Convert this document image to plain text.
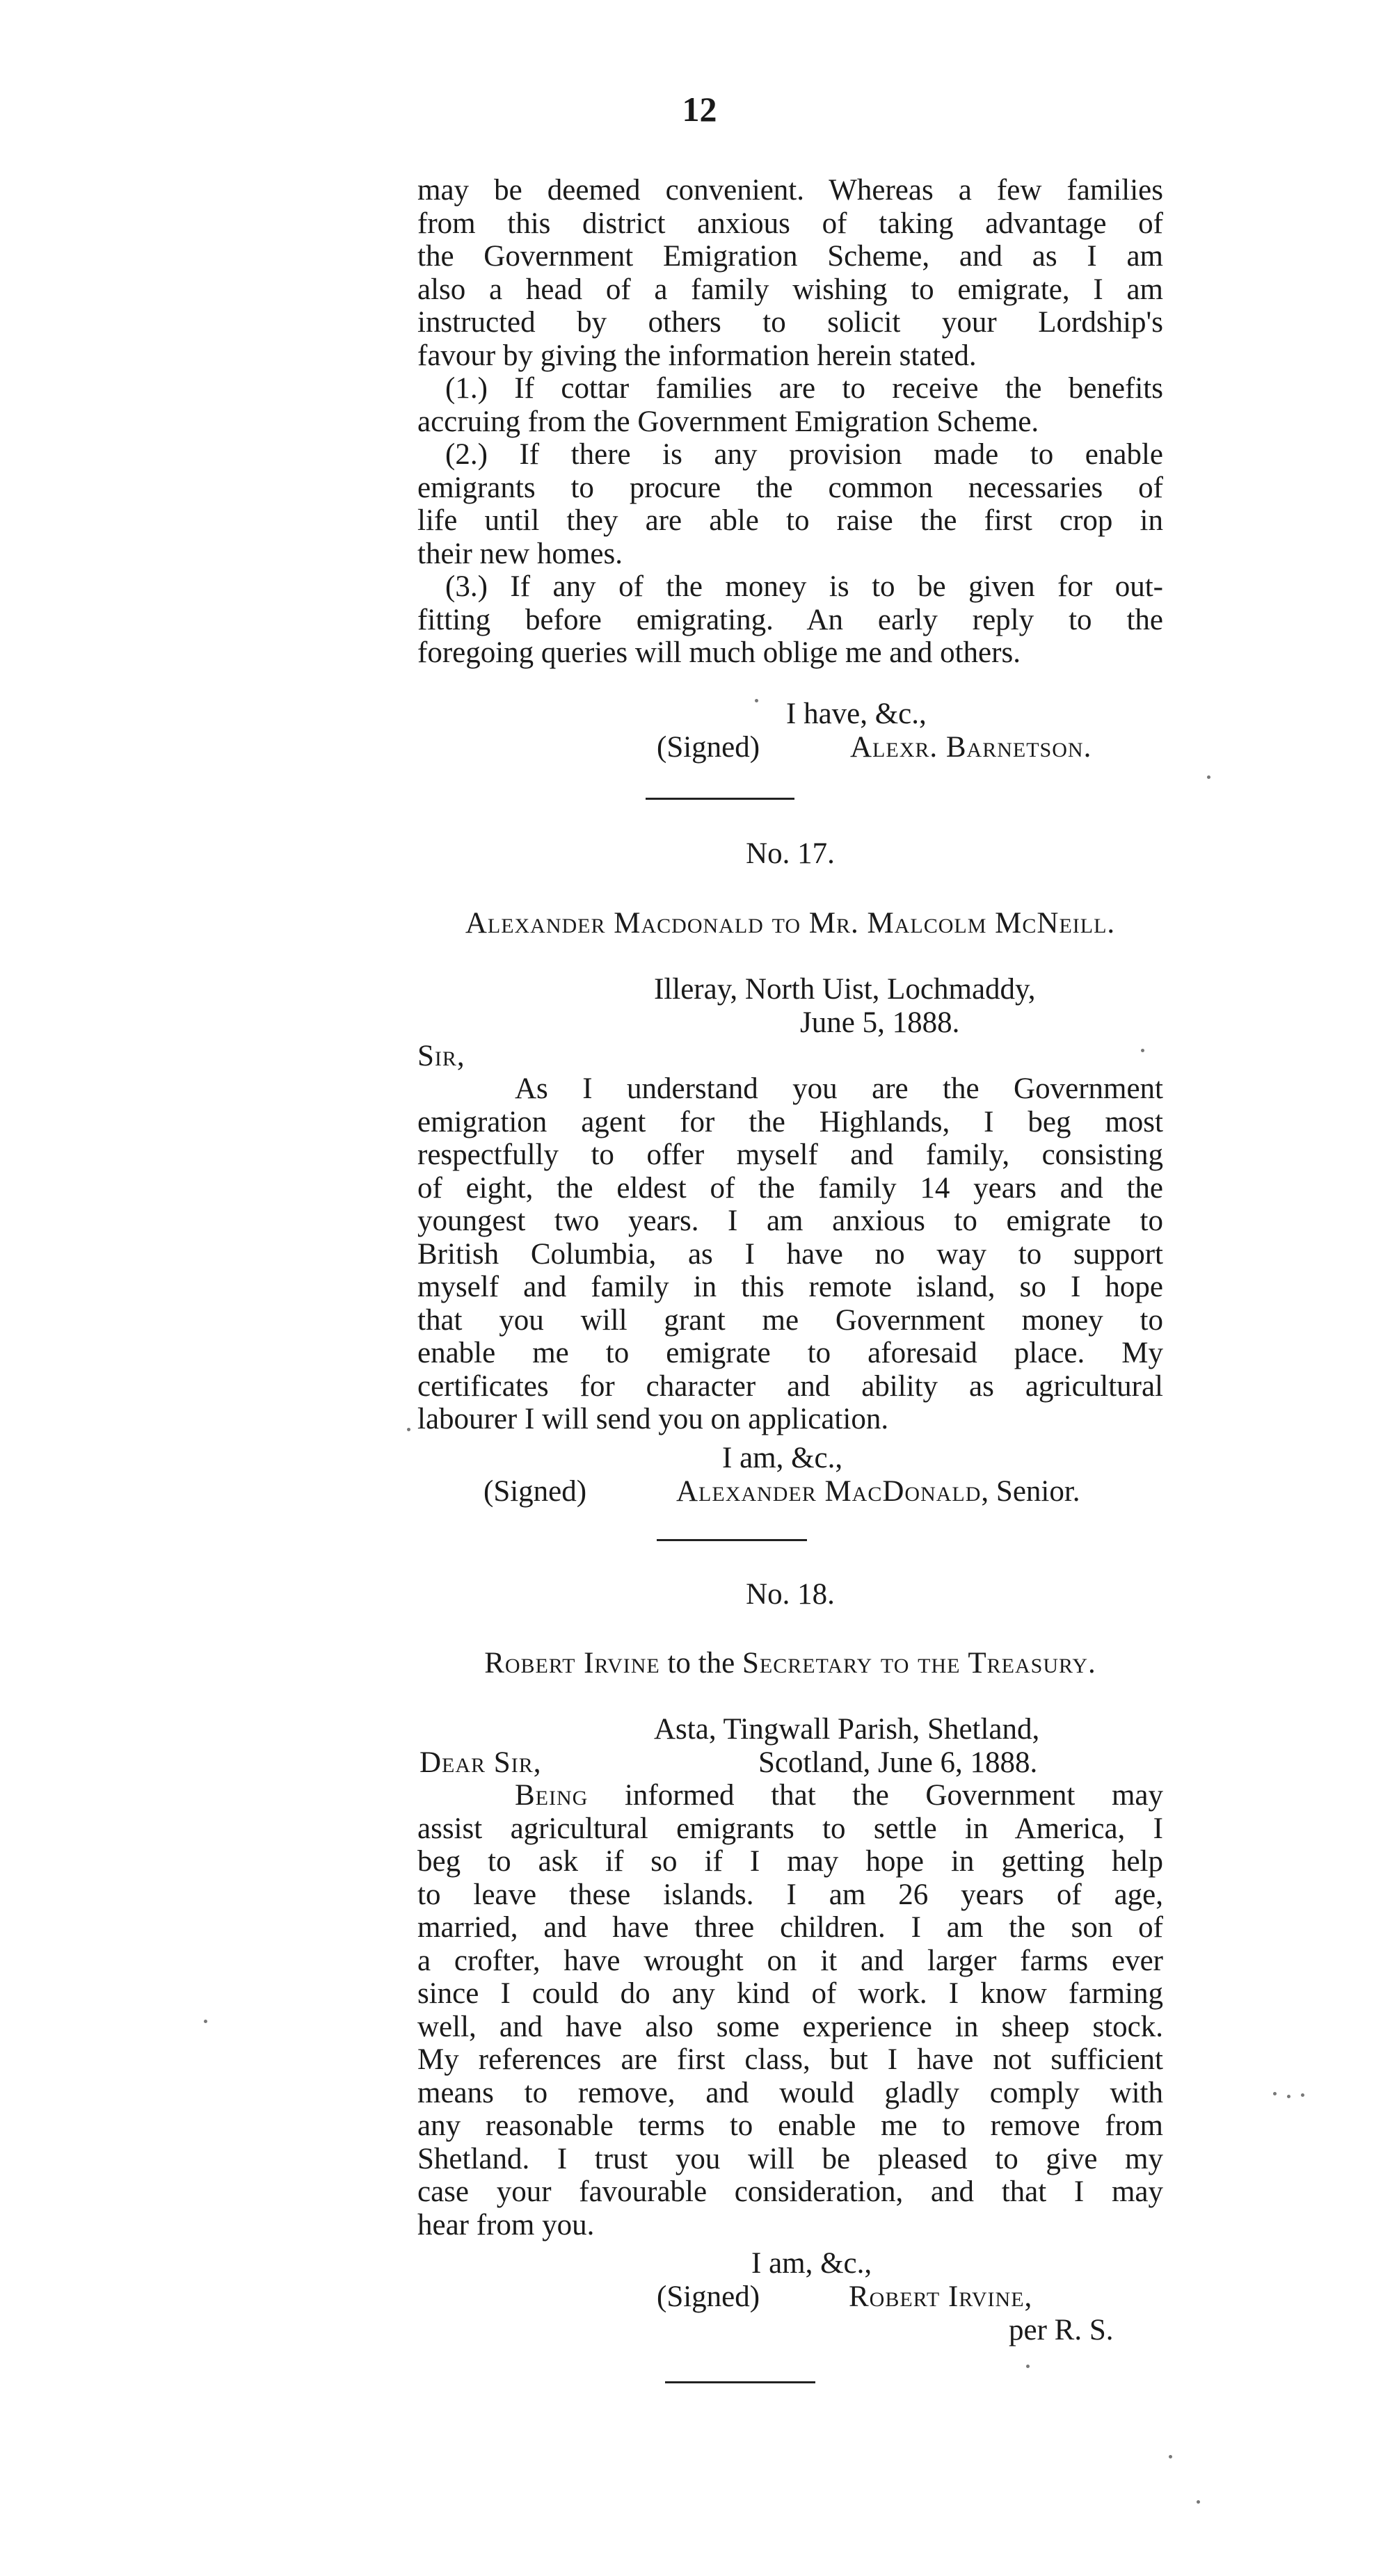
12
may be deemed convenient. Whereas a few families
from this district anxious of taking advantage of
the Government Emigration Scheme, and as I am
also a head of a family wishing to emigrate, I am
instructed by others to solicit your Lordship's
favour by giving the information herein stated.
(1.) If cottar families are to receive the benefits
accruing from the Government Emigration Scheme.
(2.) If there is any provision made to enable
emigrants to procure the common necessaries of
life until they are able to raise the first crop in
their new homes.
(3.) If any of the money is to be given for out-
fitting before emigrating. An early reply to the
foregoing queries will much oblige me and others.
I have, &c.,
(Signed)	Alexr. Barnetson.
No. 17.
Alexander Macdonald to Mr. Malcolm McNeill.
Illeray, North Uist, Lochmaddy,
June 5, 1888.
Sir,
As I understand you are the Government
emigration agent for the Highlands, I beg most
respectfully to offer myself and family, consisting
of eight, the eldest of the family 14 years and the
youngest two years. I am anxious to emigrate to
British Columbia, as I have no way to support
myself and family in this remote island, so I hope
that you will grant me Government money to
enable me to emigrate to aforesaid place. My
certificates for character and ability as agricultural
labourer I will send you on application.
I am, &c.,
(Signed)	Alexander MacDonald, Senior.
No. 18.
Robert Irvine to the Secretary to the Treasury.
Asta, Tingwall Parish, Shetland,
Dear Sir,	Scotland, June 6, 1888.
Being informed that the Government may
assist agricultural emigrants to settle in America, I
beg to ask if so if I may hope in getting help
to leave these islands. I am 26 years of age,
married, and have three children. I am the son of
a crofter, have wrought on it and larger farms ever
since I could do any kind of work. I know farming
well, and have also some experience in sheep stock.
My references are first class, but I have not sufficient
means to remove, and would gladly comply with
any reasonable terms to enable me to remove from
Shetland. I trust you will be pleased to give my
case your favourable consideration, and that I may
hear from you.
I am, &c.,
(Signed)	Robert Irvine,
per R. S.
